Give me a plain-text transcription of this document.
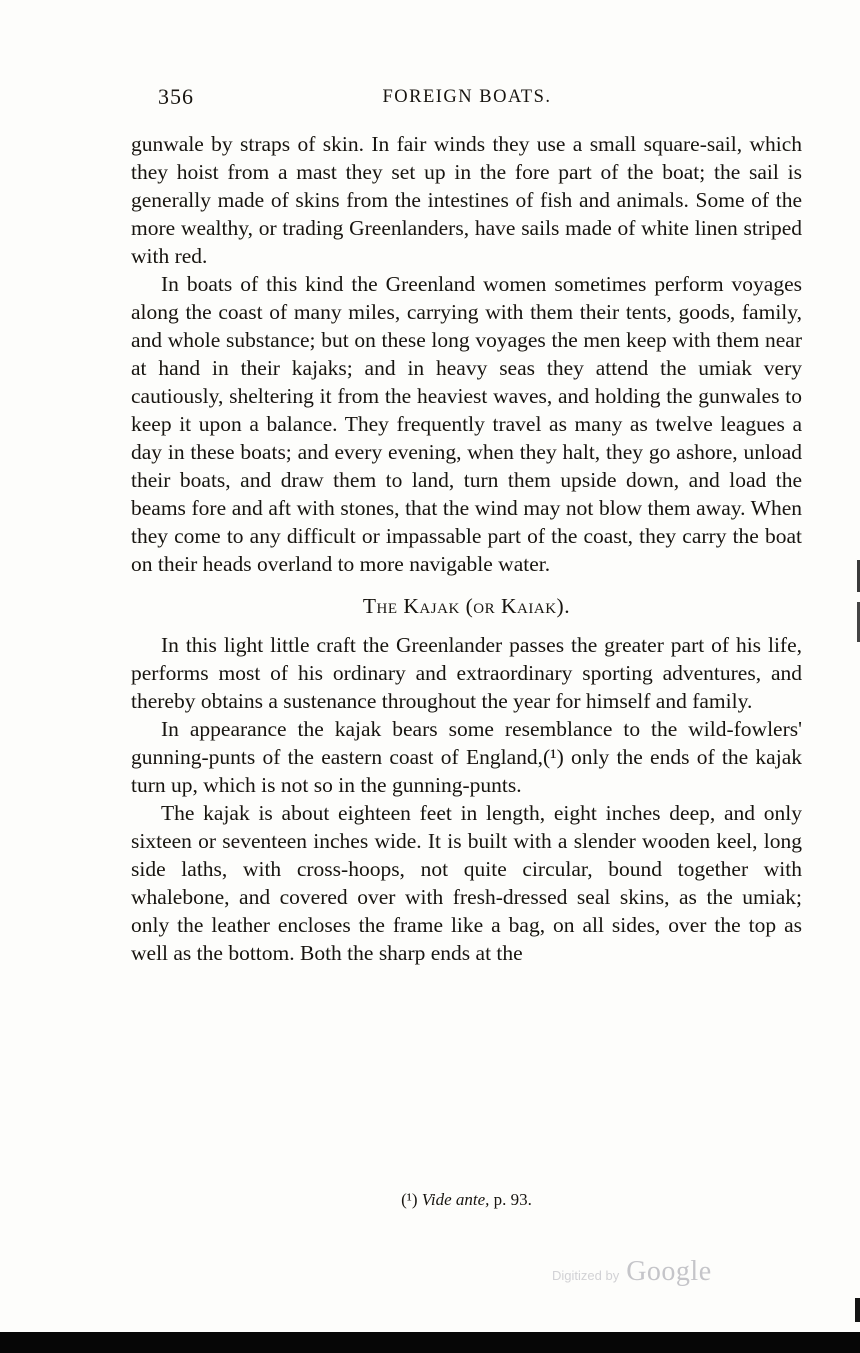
356	FOREIGN BOATS.

gunwale by straps of skin. In fair winds they use a small square-sail, which they hoist from a mast they set up in the fore part of the boat; the sail is generally made of skins from the intestines of fish and animals. Some of the more wealthy, or trading Greenlanders, have sails made of white linen striped with red.

In boats of this kind the Greenland women sometimes perform voyages along the coast of many miles, carrying with them their tents, goods, family, and whole substance; but on these long voyages the men keep with them near at hand in their kajaks; and in heavy seas they attend the umiak very cautiously, sheltering it from the heaviest waves, and holding the gunwales to keep it upon a balance. They frequently travel as many as twelve leagues a day in these boats; and every evening, when they halt, they go ashore, unload their boats, and draw them to land, turn them upside down, and load the beams fore and aft with stones, that the wind may not blow them away. When they come to any difficult or impassable part of the coast, they carry the boat on their heads overland to more navigable water.

The Kajak (or Kaiak).

In this light little craft the Greenlander passes the greater part of his life, performs most of his ordinary and extraordinary sporting adventures, and thereby obtains a sustenance throughout the year for himself and family.

In appearance the kajak bears some resemblance to the wild-fowlers' gunning-punts of the eastern coast of England,(¹) only the ends of the kajak turn up, which is not so in the gunning-punts.

The kajak is about eighteen feet in length, eight inches deep, and only sixteen or seventeen inches wide. It is built with a slender wooden keel, long side laths, with cross-hoops, not quite circular, bound together with whalebone, and covered over with fresh-dressed seal skins, as the umiak; only the leather encloses the frame like a bag, on all sides, over the top as well as the bottom. Both the sharp ends at the

(¹) Vide ante, p. 93.
Digitized by Google
